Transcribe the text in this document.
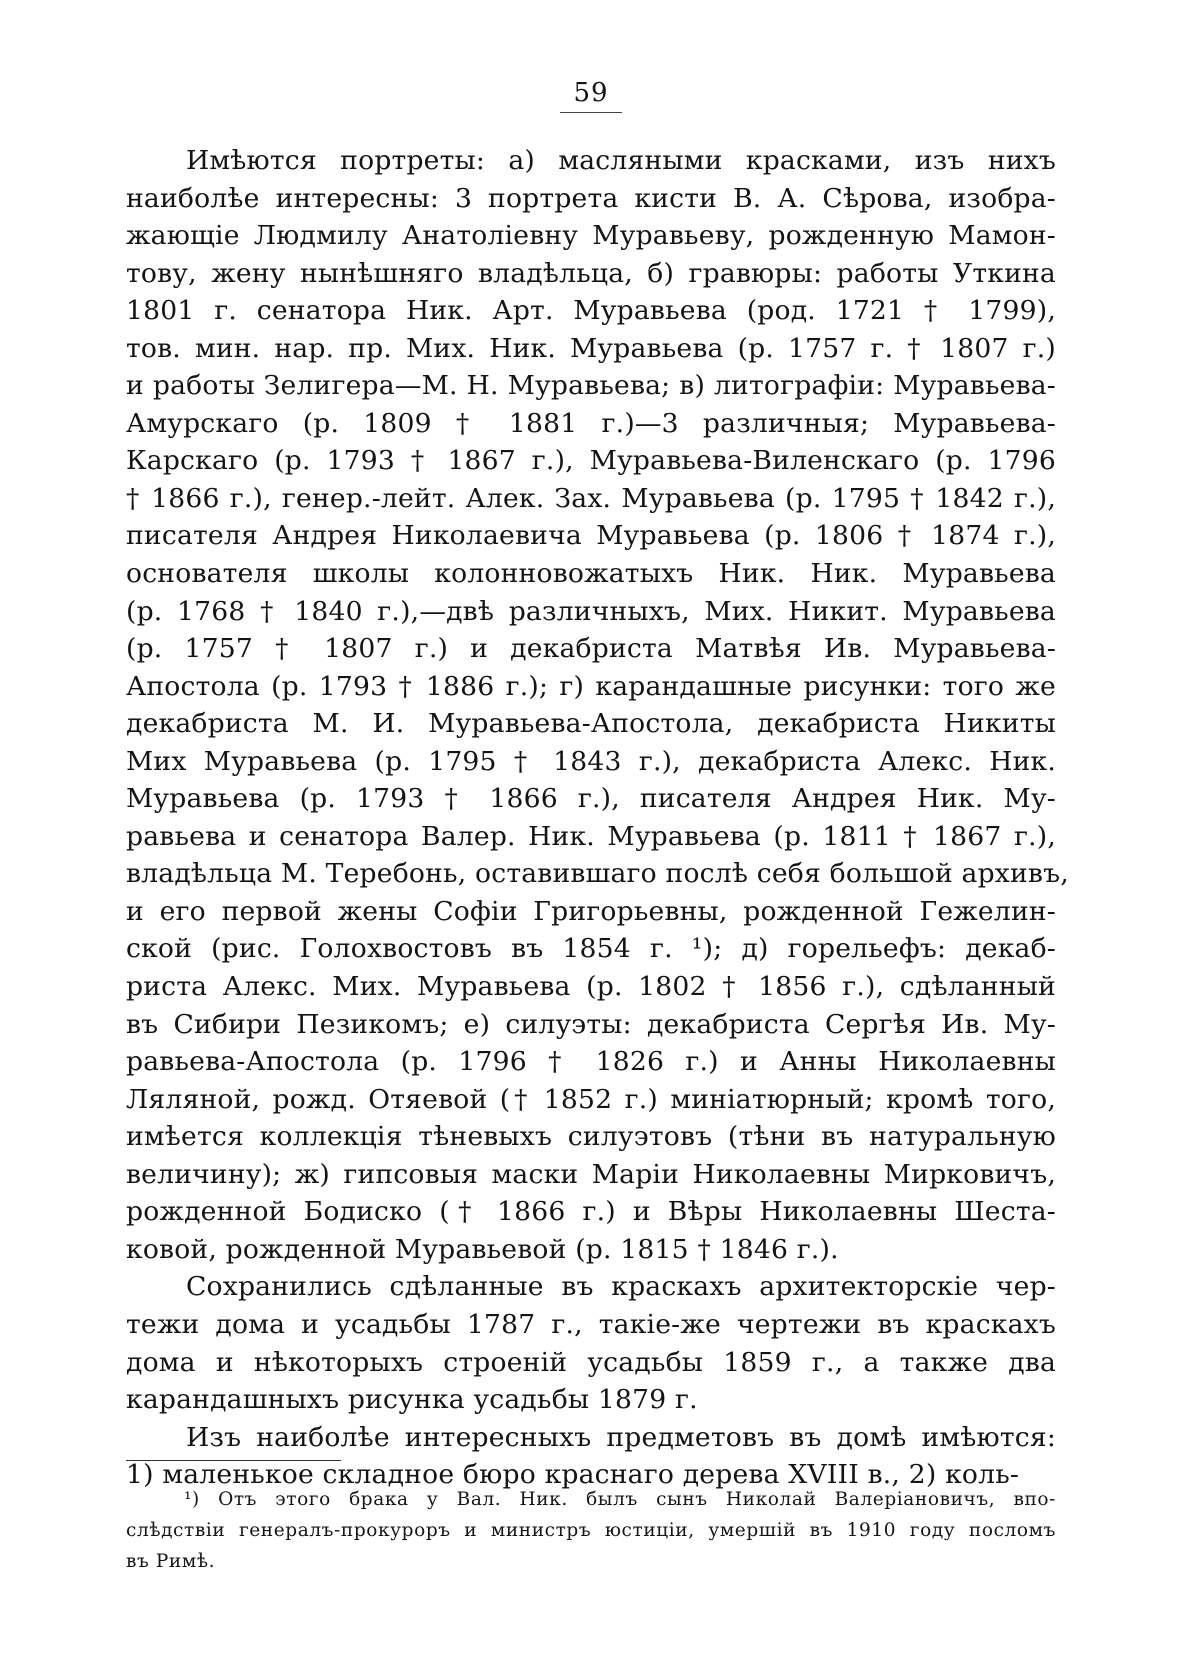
59
Имѣются портреты: а) масляными красками, изъ нихъ
наиболѣе интересны: 3 портрета кисти В. А. Сѣрова, изобра-
жающіе Людмилу Анатоліевну Муравьеву, рожденную Мамон-
тову, жену нынѣшняго владѣльца, б) гравюры: работы Уткина
1801 г. сенатора Ник. Арт. Муравьева (род. 1721 † 1799),
тов. мин. нар. пр. Мих. Ник. Муравьева (р. 1757 г. † 1807 г.)
и работы Зелигера—М. Н. Муравьева; в) литографіи: Муравьева-
Амурскаго (р. 1809 † 1881 г.)—3 различныя; Муравьева-
Карскаго (р. 1793 † 1867 г.), Муравьева-Виленскаго (р. 1796
† 1866 г.), генер.-лейт. Алек. Зах. Муравьева (р. 1795 † 1842 г.),
писателя Андрея Николаевича Муравьева (р. 1806 † 1874 г.),
основателя школы колонновожатыхъ Ник. Ник. Муравьева
(р. 1768 † 1840 г.),—двѣ различныхъ, Мих. Никит. Муравьева
(р. 1757 † 1807 г.) и декабриста Матвѣя Ив. Муравьева-
Апостола (р. 1793 † 1886 г.); г) карандашные рисунки: того же
декабриста М. И. Муравьева-Апостола, декабриста Никиты
Мих Муравьева (р. 1795 † 1843 г.), декабриста Алекс. Ник.
Муравьева (р. 1793 † 1866 г.), писателя Андрея Ник. Му-
равьева и сенатора Валер. Ник. Муравьева (р. 1811 † 1867 г.),
владѣльца М. Теребонь, оставившаго послѣ себя большой архивъ,
и его первой жены Софіи Григорьевны, рожденной Гежелин-
ской (рис. Голохвостовъ въ 1854 г. ¹); д) горельефъ: декаб-
риста Алекс. Мих. Муравьева (р. 1802 † 1856 г.), сдѣланный
въ Сибири Пезикомъ; е) силуэты: декабриста Сергѣя Ив. Му-
равьева-Апостола (р. 1796 † 1826 г.) и Анны Николаевны
Ляляной, рожд. Отяевой († 1852 г.) миніатюрный; кромѣ того,
имѣется коллекція тѣневыхъ силуэтовъ (тѣни въ натуральную
величину); ж) гипсовыя маски Маріи Николаевны Мирковичъ,
рожденной Бодиско († 1866 г.) и Вѣры Николаевны Шеста-
ковой, рожденной Муравьевой (р. 1815 † 1846 г.).
Сохранились сдѣланные въ краскахъ архитекторскіе чер-
тежи дома и усадьбы 1787 г., такіе-же чертежи въ краскахъ
дома и нѣкоторыхъ строеній усадьбы 1859 г., а также два
карандашныхъ рисунка усадьбы 1879 г.
Изъ наиболѣе интересныхъ предметовъ въ домѣ имѣются:
1) маленькое складное бюро краснаго дерева XVIII в., 2) коль-
¹) Отъ этого брака у Вал. Ник. былъ сынъ Николай Валеріановичъ, впо-
слѣдствіи генералъ-прокуроръ и министръ юстиціи, умершій въ 1910 году посломъ
въ Римѣ.
